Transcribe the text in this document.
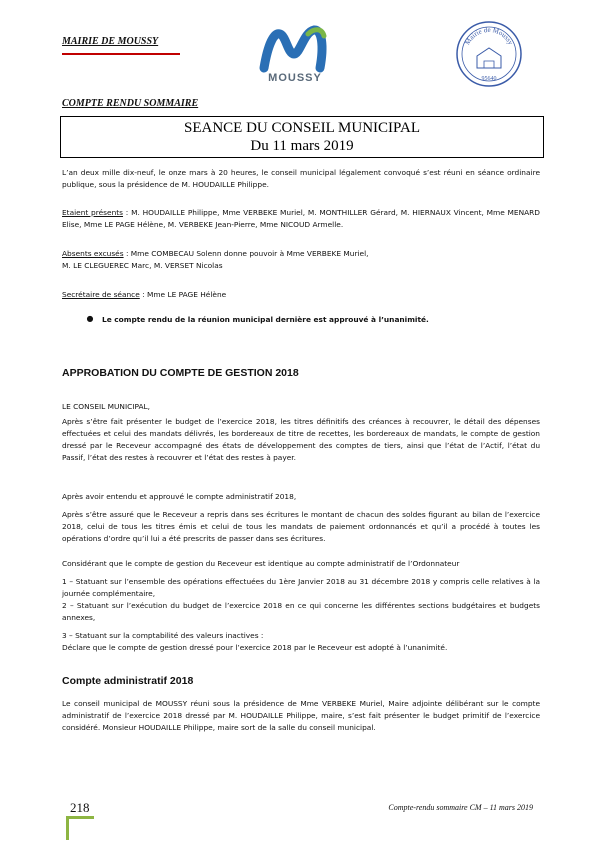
MAIRIE DE MOUSSY
MOUSSY
Mairie de Moussy
95640
COMPTE RENDU SOMMAIRE
SEANCE DU CONSEIL MUNICIPAL
Du 11 mars 2019
L’an deux mille dix-neuf, le onze mars à 20 heures, le conseil municipal légalement convoqué s’est réuni en séance ordinaire publique, sous la présidence de M. HOUDAILLE Philippe.
Etaient présents : M. HOUDAILLE Philippe, Mme VERBEKE Muriel, M. MONTHILLER Gérard, M. HIERNAUX Vincent, Mme MENARD Elise, Mme LE PAGE Hélène, M. VERBEKE Jean-Pierre, Mme NICOUD Armelle.
Absents excusés : Mme COMBECAU Solenn donne pouvoir à Mme VERBEKE Muriel,
M. LE CLEGUEREC Marc, M. VERSET Nicolas
Secrétaire de séance : Mme LE PAGE Hélène
● Le compte rendu de la réunion municipal dernière est approuvé à l’unanimité.
APPROBATION DU COMPTE DE GESTION 2018
LE CONSEIL MUNICIPAL,
Après s’être fait présenter le budget de l’exercice 2018, les titres définitifs des créances à recouvrer, le détail des dépenses effectuées et celui des mandats délivrés, les bordereaux de titre de recettes, les bordereaux de mandats, le compte de gestion dressé par le Receveur accompagné des états de développement des comptes de tiers, ainsi que l’état de l’Actif, l’état du Passif, l’état des restes à recouvrer et l’état des restes à payer.
Après avoir entendu et approuvé le compte administratif 2018,
Après s’être assuré que le Receveur a repris dans ses écritures le montant de chacun des soldes figurant au bilan de l’exercice 2018, celui de tous les titres émis et celui de tous les mandats de paiement ordonnancés et qu’il a procédé à toutes les opérations d’ordre qu’il lui a été prescrits de passer dans ses écritures.
Considérant que le compte de gestion du Receveur est identique au compte administratif de l’Ordonnateur
1 – Statuant sur l’ensemble des opérations effectuées du 1ère Janvier 2018 au 31 décembre 2018 y compris celle relatives à la journée complémentaire,
2 – Statuant sur l’exécution du budget de l’exercice 2018 en ce qui concerne les différentes sections budgétaires et budgets annexes,
3 – Statuant sur la comptabilité des valeurs inactives :
Déclare que le compte de gestion dressé pour l’exercice 2018 par le Receveur est adopté à l’unanimité.
Compte administratif 2018
Le conseil municipal de MOUSSY réuni sous la présidence de Mme VERBEKE Muriel, Maire adjointe délibérant sur le compte administratif de l’exercice 2018 dressé par M. HOUDAILLE Philippe, maire, s’est fait présenter le budget primitif de l’exercice considéré. Monsieur HOUDAILLE Philippe, maire sort de la salle du conseil municipal.
218	Compte-rendu sommaire CM – 11 mars 2019
